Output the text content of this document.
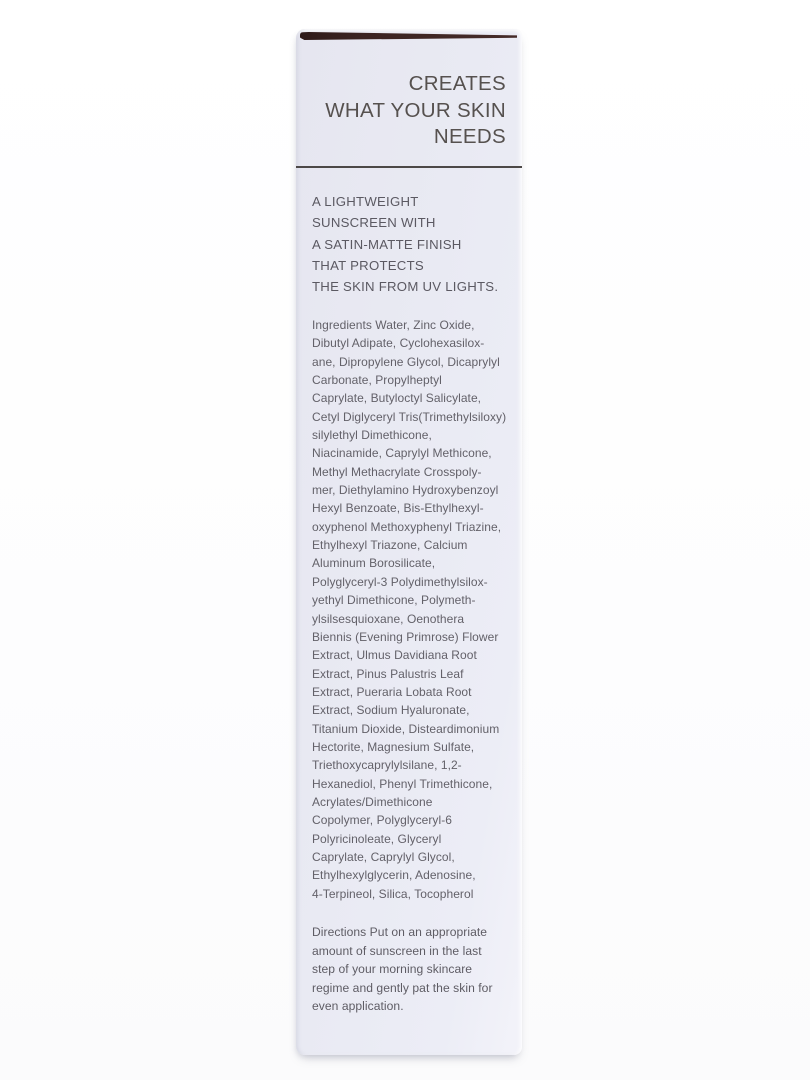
CREATES
WHAT YOUR SKIN
NEEDS
A LIGHTWEIGHT
SUNSCREEN WITH
A SATIN-MATTE FINISH
THAT PROTECTS
THE SKIN FROM UV LIGHTS.
Ingredients Water, Zinc Oxide,
Dibutyl Adipate, Cyclohexasilox-
ane, Dipropylene Glycol, Dicaprylyl
Carbonate, Propylheptyl
Caprylate, Butyloctyl Salicylate,
Cetyl Diglyceryl Tris(Trimethylsiloxy)
silylethyl Dimethicone,
Niacinamide, Caprylyl Methicone,
Methyl Methacrylate Crosspoly-
mer, Diethylamino Hydroxybenzoyl
Hexyl Benzoate, Bis-Ethylhexyl-
oxyphenol Methoxyphenyl Triazine,
Ethylhexyl Triazone, Calcium
Aluminum Borosilicate,
Polyglyceryl-3 Polydimethylsilox-
yethyl Dimethicone, Polymeth-
ylsilsesquioxane, Oenothera
Biennis (Evening Primrose) Flower
Extract, Ulmus Davidiana Root
Extract, Pinus Palustris Leaf
Extract, Pueraria Lobata Root
Extract, Sodium Hyaluronate,
Titanium Dioxide, Disteardimonium
Hectorite, Magnesium Sulfate,
Triethoxycaprylylsilane, 1,2-
Hexanediol, Phenyl Trimethicone,
Acrylates/Dimethicone
Copolymer, Polyglyceryl-6
Polyricinoleate, Glyceryl
Caprylate, Caprylyl Glycol,
Ethylhexylglycerin, Adenosine,
4-Terpineol, Silica, Tocopherol
Directions Put on an appropriate
amount of sunscreen in the last
step of your morning skincare
regime and gently pat the skin for
even application.
